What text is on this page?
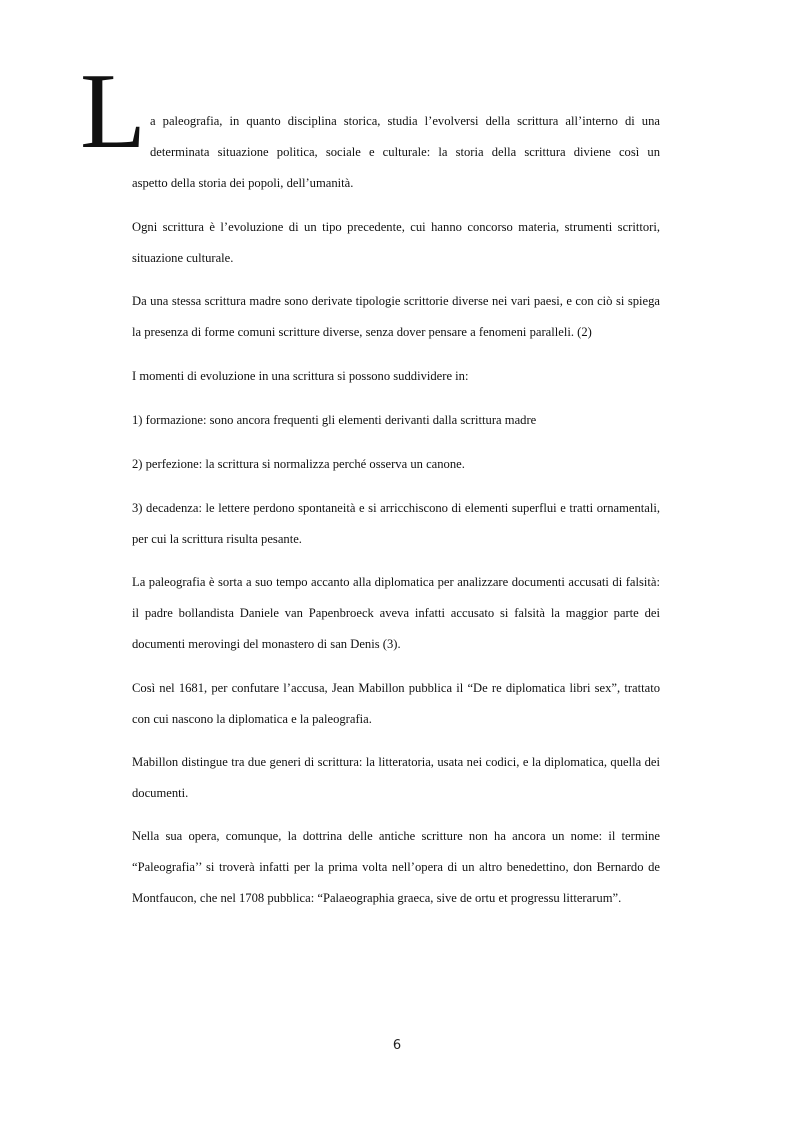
L a paleografia, in quanto disciplina storica, studia l’evolversi della scrittura all’interno di una

determinata situazione politica, sociale e culturale: la storia della scrittura diviene così un

aspetto della storia dei popoli, dell’umanità.

Ogni scrittura è l’evoluzione di un tipo precedente, cui hanno concorso materia, strumenti scrittori, situazione culturale.

Da una stessa scrittura madre sono derivate tipologie scrittorie diverse nei vari paesi, e con ciò si spiega la presenza di forme comuni scritture diverse, senza dover pensare a fenomeni paralleli. (2)

I momenti di evoluzione in una scrittura si possono suddividere in:

1) formazione: sono ancora frequenti gli elementi derivanti dalla scrittura madre

2) perfezione: la scrittura si normalizza perché osserva un canone.

3) decadenza: le lettere perdono spontaneità e si arricchiscono di elementi superflui e tratti ornamentali, per cui la scrittura risulta pesante.

La paleografia è sorta a suo tempo accanto alla diplomatica per analizzare documenti accusati di falsità: il padre bollandista Daniele van Papenbroeck aveva infatti accusato si falsità la maggior parte dei documenti merovingi del monastero di san Denis (3).

Così nel 1681, per confutare l’accusa, Jean Mabillon pubblica il “De re diplomatica libri sex”, trattato con cui nascono la diplomatica e la paleografia.

Mabillon distingue tra due generi di scrittura: la litteratoria, usata nei codici, e la diplomatica, quella dei documenti.

Nella sua opera, comunque, la dottrina delle antiche scritture non ha ancora un nome: il termine “Paleografia’’ si troverà infatti per la prima volta nell’opera di un altro benedettino, don Bernardo de Montfaucon, che nel 1708 pubblica: “Palaeographia graeca, sive de ortu et progressu litterarum”.

6
